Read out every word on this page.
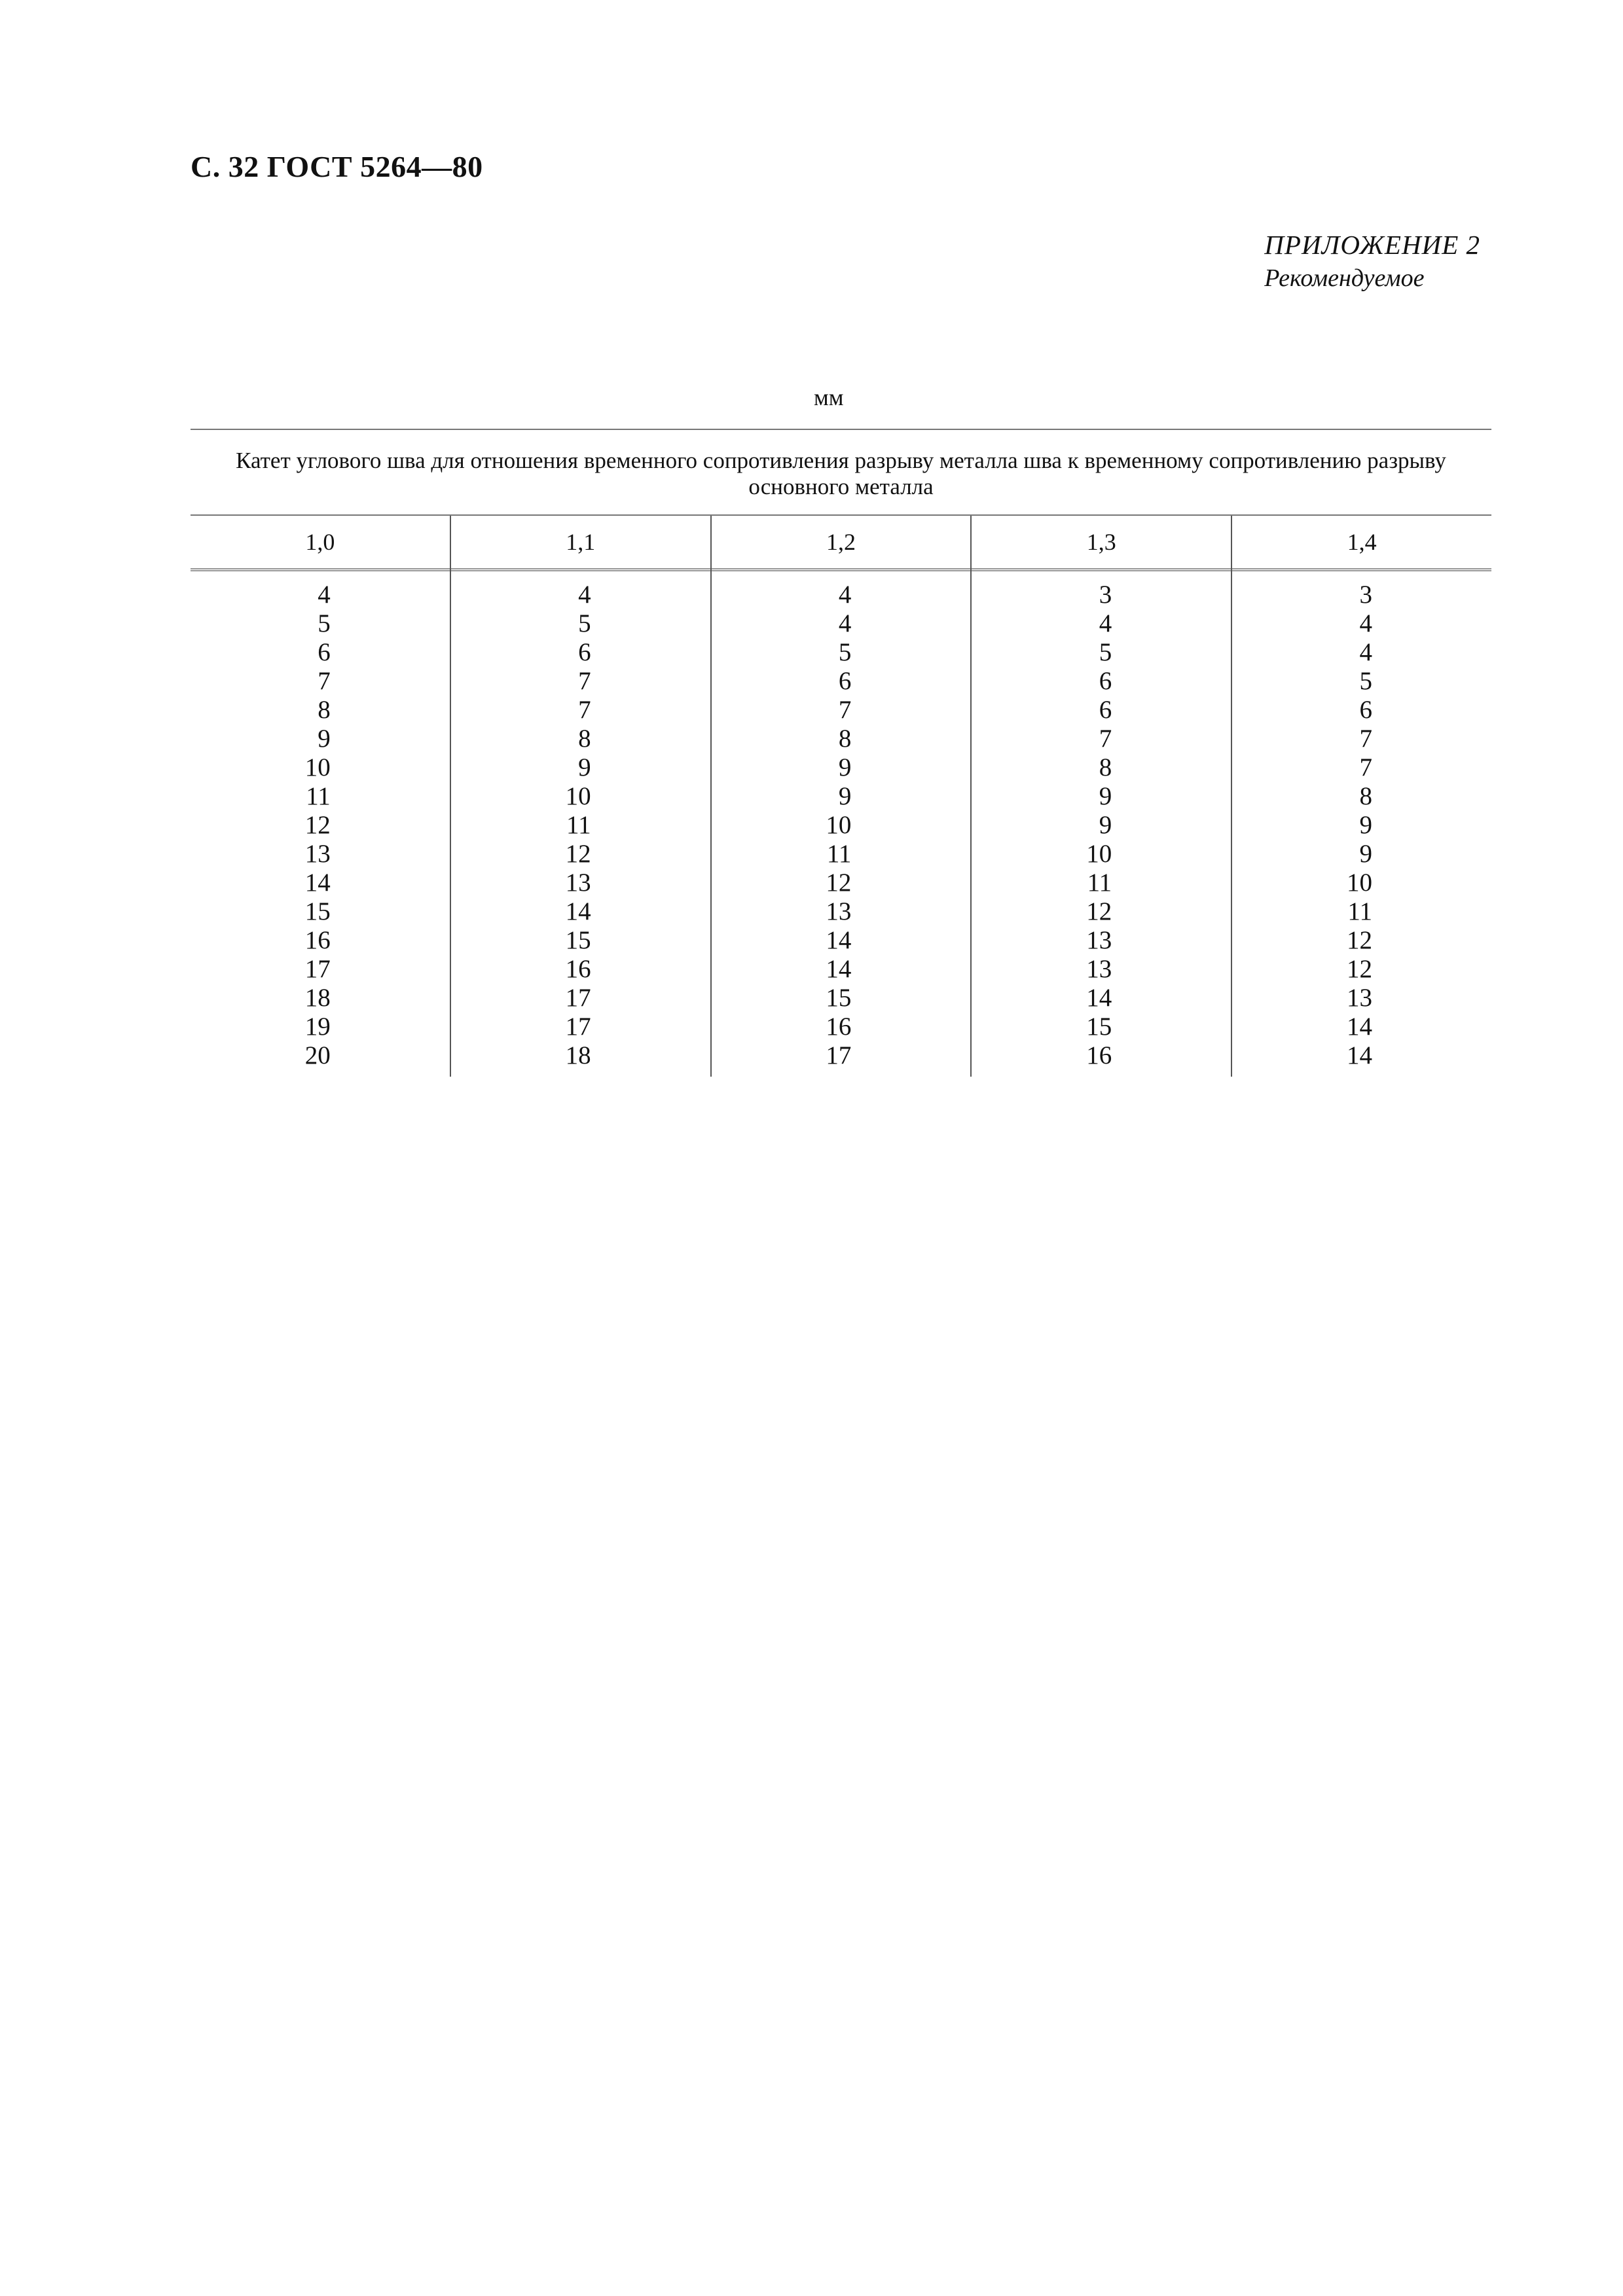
С. 32 ГОСТ 5264—80
ПРИЛОЖЕНИЕ 2
Рекомендуемое
мм
Катет углового шва для отношения временного сопротивления разрыву металла шва к временному сопротивлению разрыву основного металла
1,0
4
5
6
7
8
9
10
11
12
13
14
15
16
17
18
19
20
1,1
4
5
6
7
7
8
9
10
11
12
13
14
15
16
17
17
18
1,2
4
4
5
6
7
8
9
9
10
11
12
13
14
14
15
16
17
1,3
3
4
5
6
6
7
8
9
9
10
11
12
13
13
14
15
16
1,4
3
4
4
5
6
7
7
8
9
9
10
11
12
12
13
14
14
